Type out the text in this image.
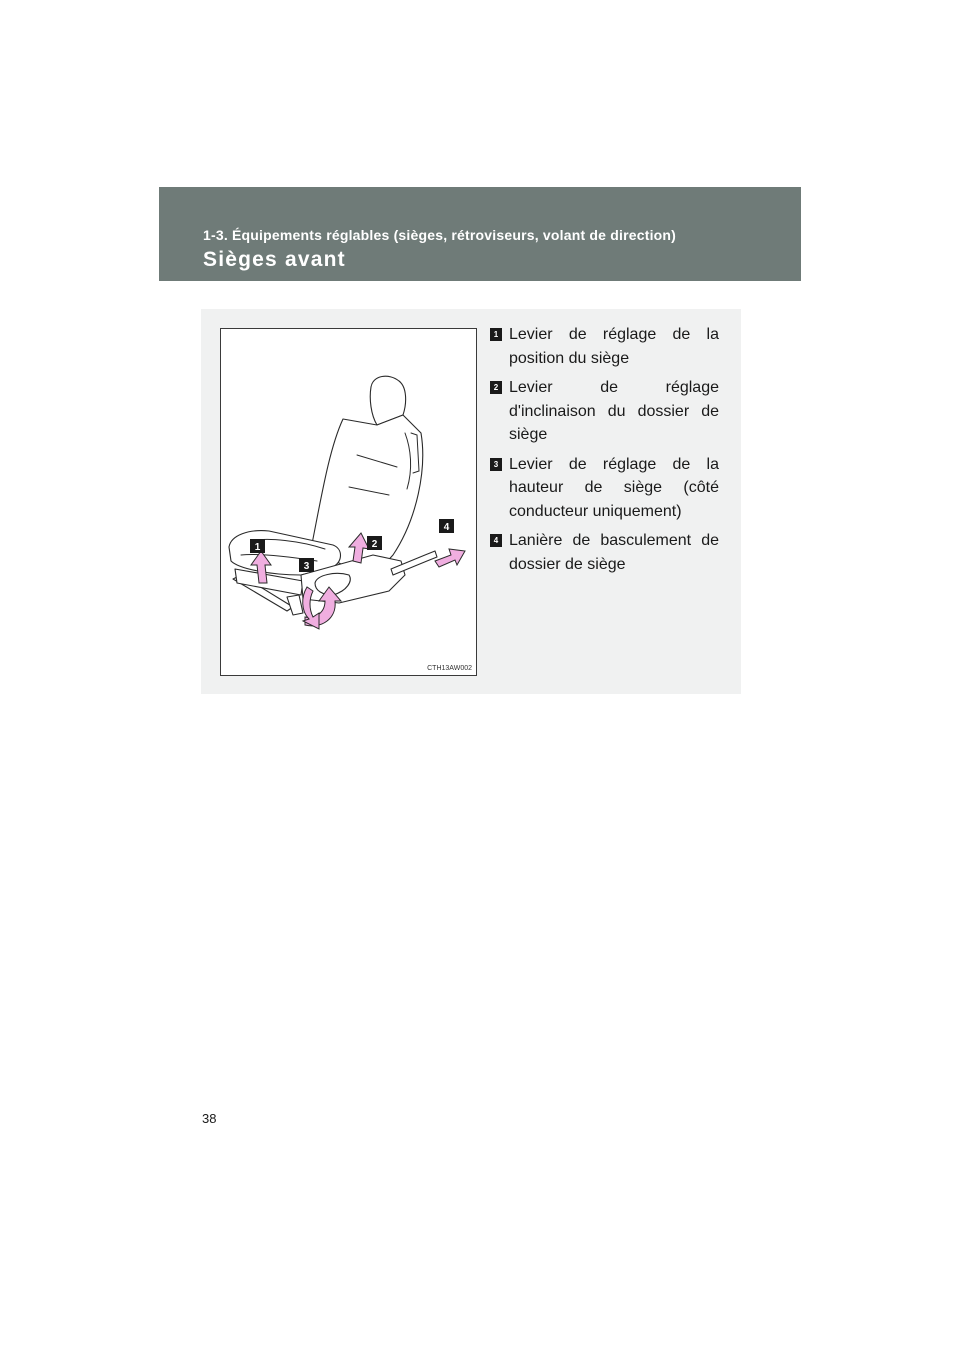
1-3. Équipements réglables (sièges, rétroviseurs, volant de direction)
Sièges avant
1	2
3
4
CTH13AW002
1 Levier de réglage de la position du siège
2 Levier de réglage d'inclinaison du dossier de siège
3 Levier de réglage de la hauteur de siège (côté conducteur uniquement)
4 Lanière de basculement de dossier de siège
38
